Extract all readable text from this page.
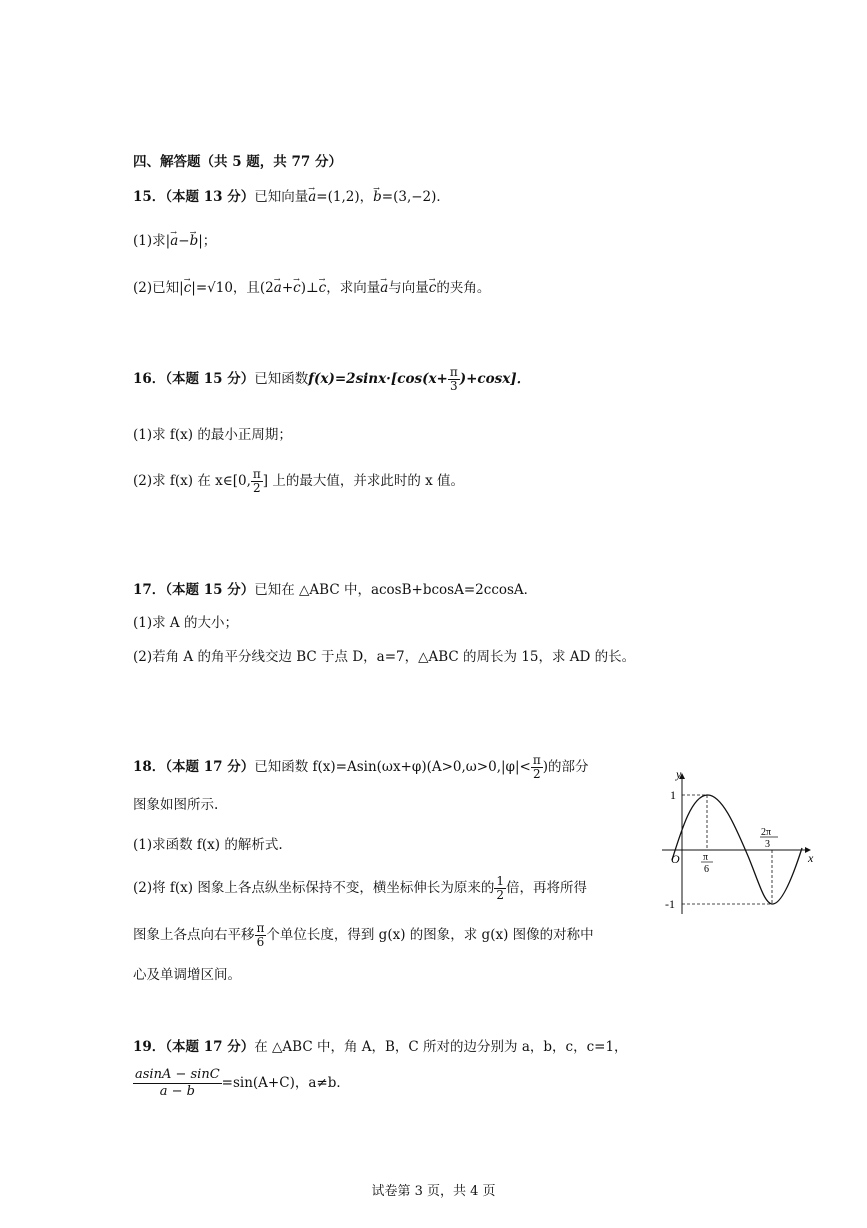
四、解答题（共 5 题，共 77 分）
15．（本题 13 分）已知向量→ a=(1,2)，→ b=(3,−2)．
(1)求|→ a−→ b|；
(2)已知|→ c|=√10，且(2→ a+→ c)⊥→ c，求向量→ a与向量→ c的夹角。
16．（本题 15 分）已知函数$f(x)=2\sin x\cdot[\cos(x+ \frac{\pi}{3} )+\cos x]$．
(1)求 f(x) 的最小正周期；
(2)求 f(x) 在 x∈[0, $\frac{\pi}{2}$ ] 上的最大值，并求此时的 x 值。
17．（本题 15 分）已知在 △ABC 中，acosB+bcosA=2ccosA．
(1)求 A 的大小；
(2)若角 A 的角平分线交边 BC 于点 D，a=7，△ABC 的周长为 15，求 AD 的长。
18．（本题 17 分）已知函数 $f(x)=Asin(\omega x+\varphi)(A>0,\omega>0,|\varphi|< \frac{\pi}{2}$ )的部分
图象如图所示.
(1)求函数 f(x) 的解析式.
(2)将 f(x) 图象上各点纵坐标保持不变，横坐标伸长为原来的 $\frac{1}{2}$ 倍，再将所得
图象上各点向右平移 $\frac{\pi}{6}$ 个单位长度，得到 g(x) 的图象，求 g(x) 图像的对称中
心及单调增区间。
y
x
O
1
-1
π
6
2π
3
19．（本题 17 分）在 △ABC 中，角 A，B，C 所对的边分别为 a，b，c，c=1，
$\frac{asinA - \sin C}{a - b} =\sin(A+C)$，a≠b．
试卷第 3 页，共 4 页
